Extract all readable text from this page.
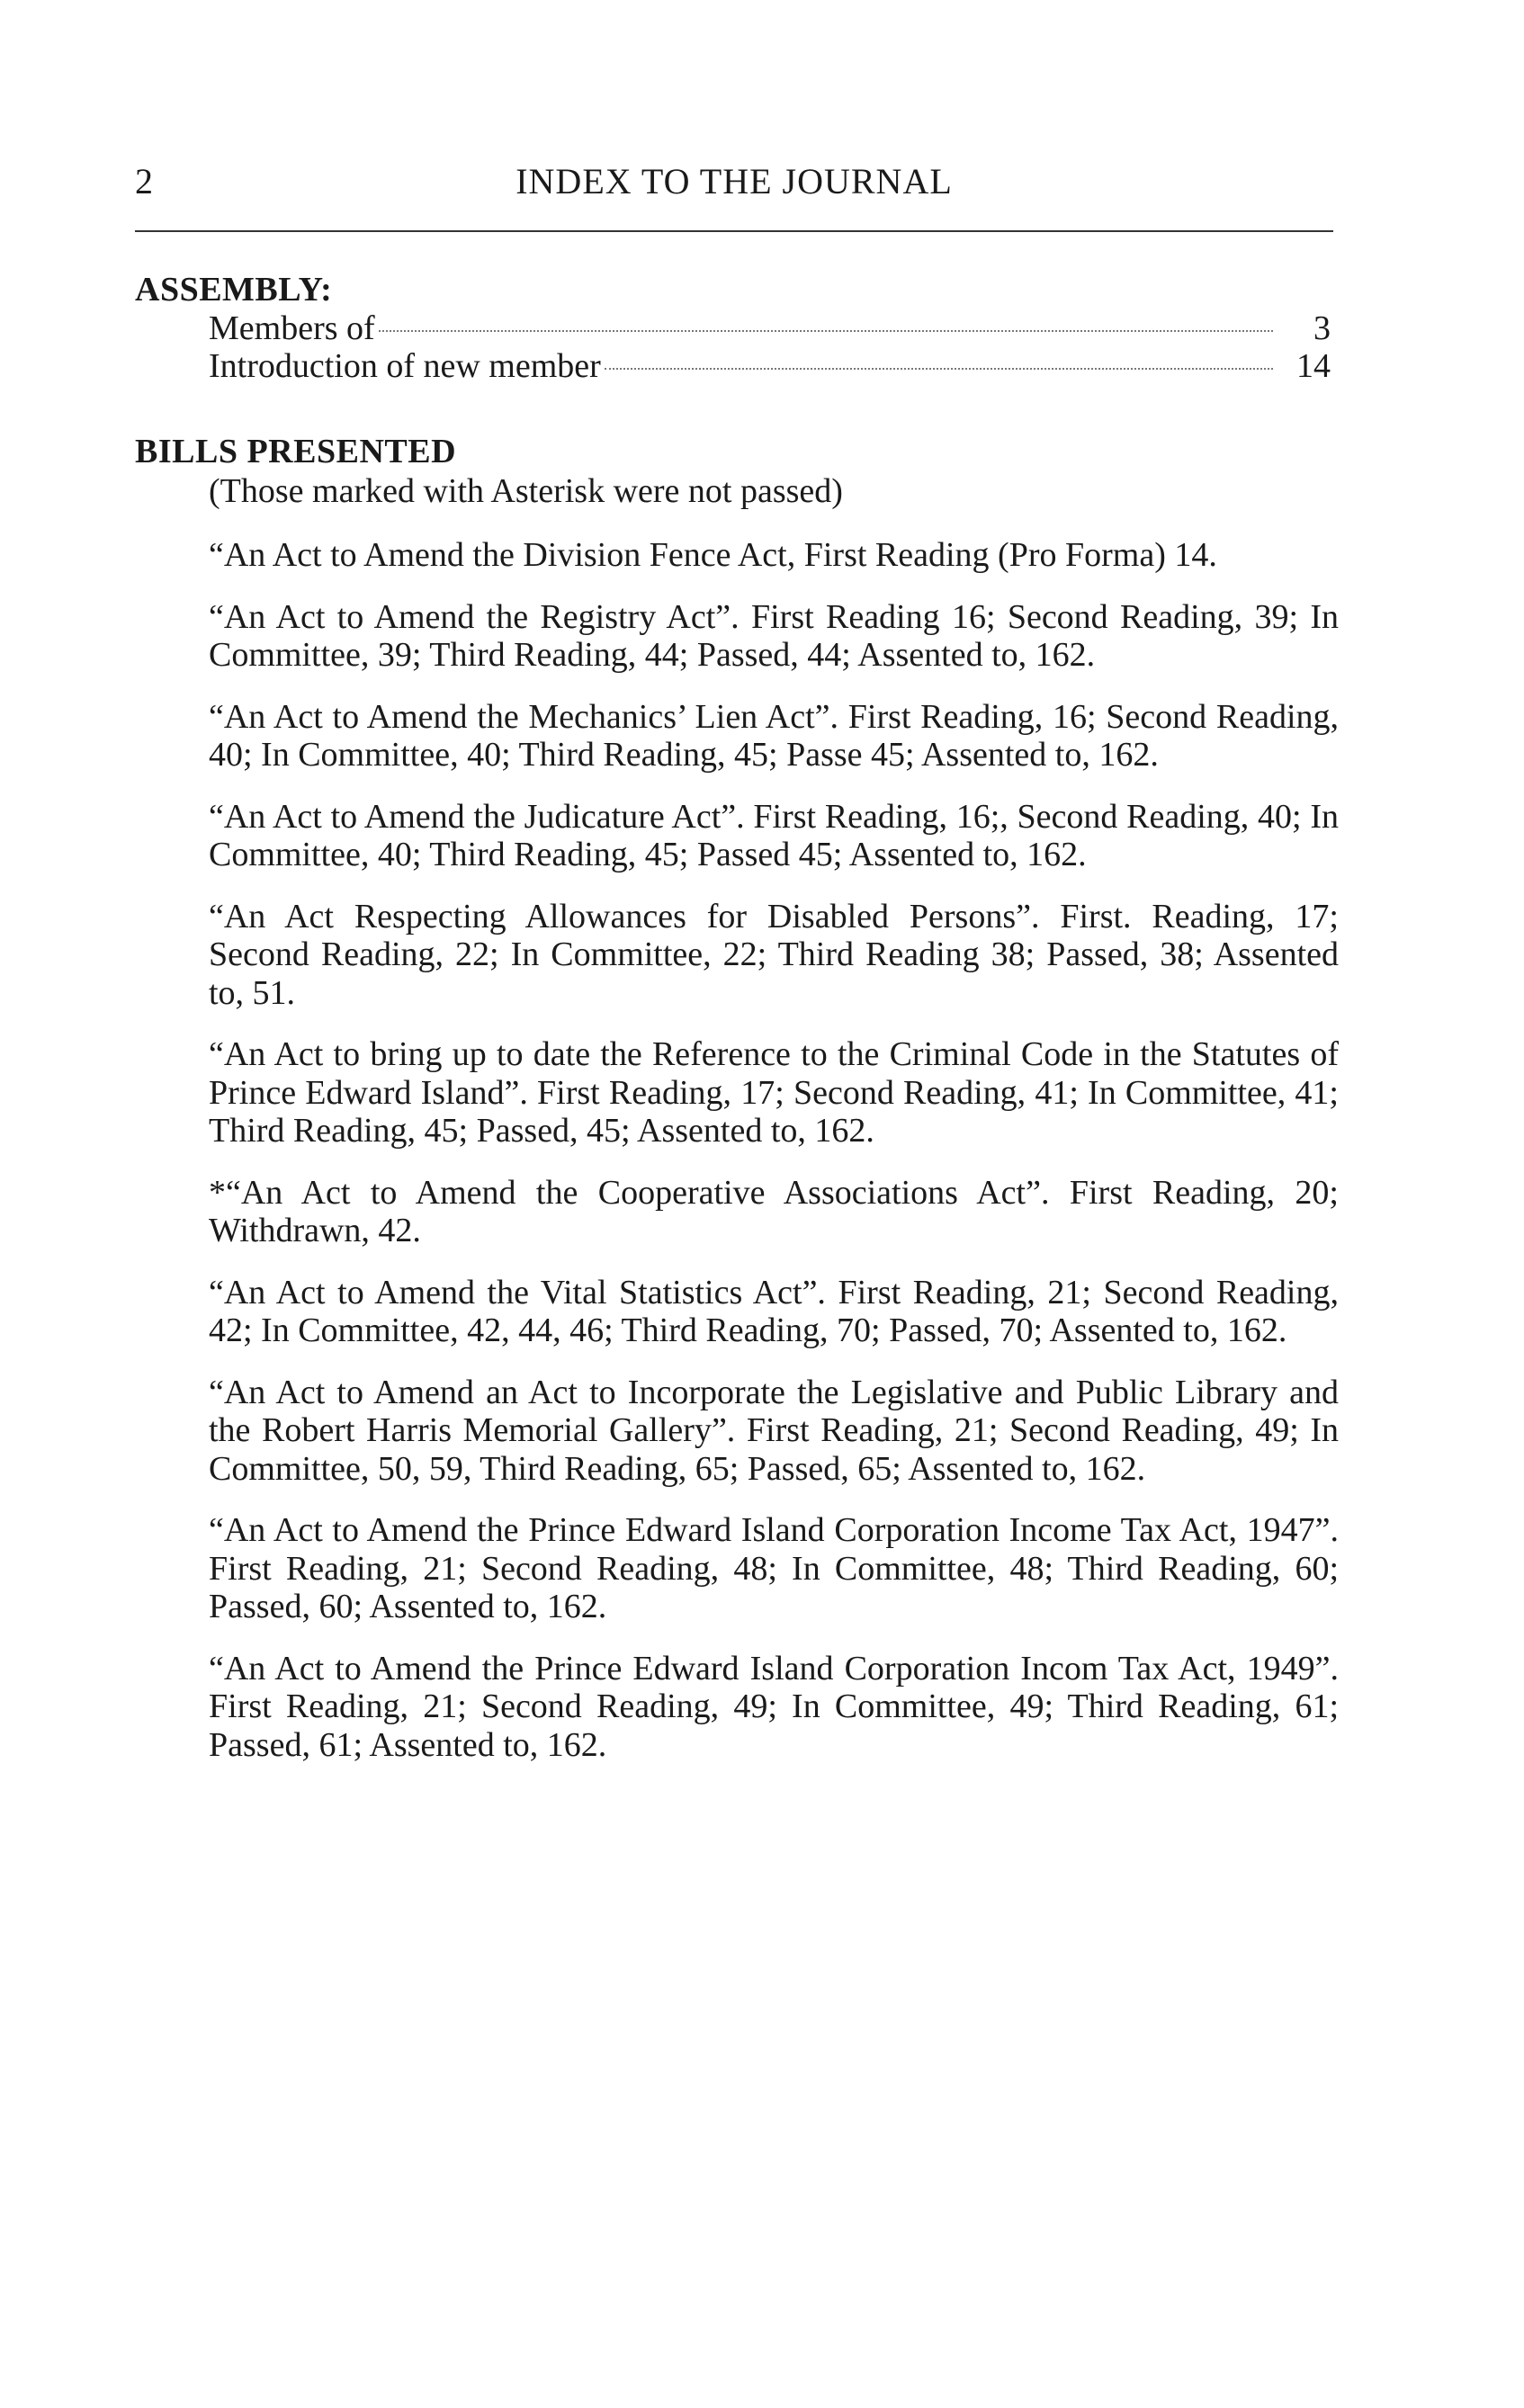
2	INDEX TO THE JOURNAL
ASSEMBLY:
Members of	3
Introduction of new member	14
BILLS PRESENTED

(Those marked with Asterisk were not passed)

“An Act to Amend the Division Fence Act, First Reading (Pro Forma) 14.
“An Act to Amend the Registry Act”. First Reading 16; Second Reading, 39; In Committee, 39; Third Reading, 44; Passed, 44; Assented to, 162.
“An Act to Amend the Mechanics’ Lien Act”. First Reading, 16; Second Reading, 40; In Committee, 40; Third Reading, 45; Passe 45; Assented to, 162.
“An Act to Amend the Judicature Act”. First Reading, 16;, Second Reading, 40; In Committee, 40; Third Reading, 45; Passed 45; Assented to, 162.
“An Act Respecting Allowances for Disabled Persons”. First. Reading, 17; Second Reading, 22; In Committee, 22; Third Reading 38; Passed, 38; Assented to, 51.
“An Act to bring up to date the Reference to the Criminal Code in the Statutes of Prince Edward Island”. First Reading, 17; Second Reading, 41; In Committee, 41; Third Reading, 45; Passed, 45; Assented to, 162.
*“An Act to Amend the Cooperative Associations Act”. First Reading, 20; Withdrawn, 42.
“An Act to Amend the Vital Statistics Act”. First Reading, 21; Second Reading, 42; In Committee, 42, 44, 46; Third Reading, 70; Passed, 70; Assented to, 162.
“An Act to Amend an Act to Incorporate the Legislative and Public Library and the Robert Harris Memorial Gallery”. First Reading, 21; Second Reading, 49; In Committee, 50, 59, Third Reading, 65; Passed, 65; Assented to, 162.
“An Act to Amend the Prince Edward Island Corporation Income Tax Act, 1947”. First Reading, 21; Second Reading, 48; In Committee, 48; Third Reading, 60; Passed, 60; Assented to, 162.
“An Act to Amend the Prince Edward Island Corporation Incom Tax Act, 1949”. First Reading, 21; Second Reading, 49; In Committee, 49; Third Reading, 61; Passed, 61; Assented to, 162.
